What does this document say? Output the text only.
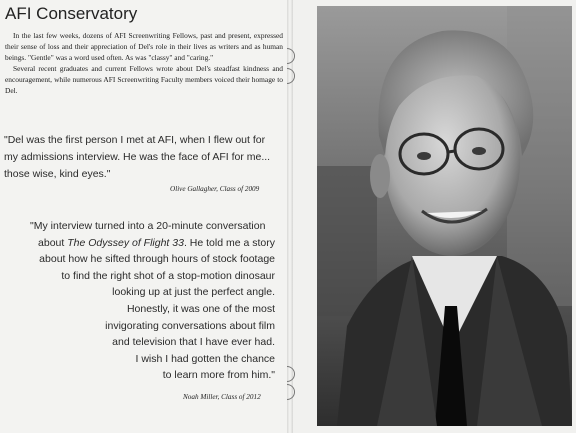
AFI Conservatory

In the last few weeks, dozens of AFI Screenwriting Fellows, past and present, expressed their sense of loss and their appreciation of Del's role in their lives as writers and as human beings. "Gentle" was a word used often. As was "classy" and "caring."

Several recent graduates and current Fellows wrote about Del's steadfast kindness and encouragement, while numerous AFI Screenwriting Faculty members voiced their homage to Del.

"Del was the first person I met at AFI, when I flew out for
my admissions interview. He was the face of AFI for me...
those wise, kind eyes."
Olive Gallagher, Class of 2009
"My interview turned into a 20-minute conversation
about The Odyssey of Flight 33. He told me a story
about how he sifted through hours of stock footage
to find the right shot of a stop-motion dinosaur
looking up at just the perfect angle.
Honestly, it was one of the most
invigorating conversations about film
and television that I have ever had.
I wish I had gotten the chance
to learn more from him."
Noah Miller, Class of 2012
